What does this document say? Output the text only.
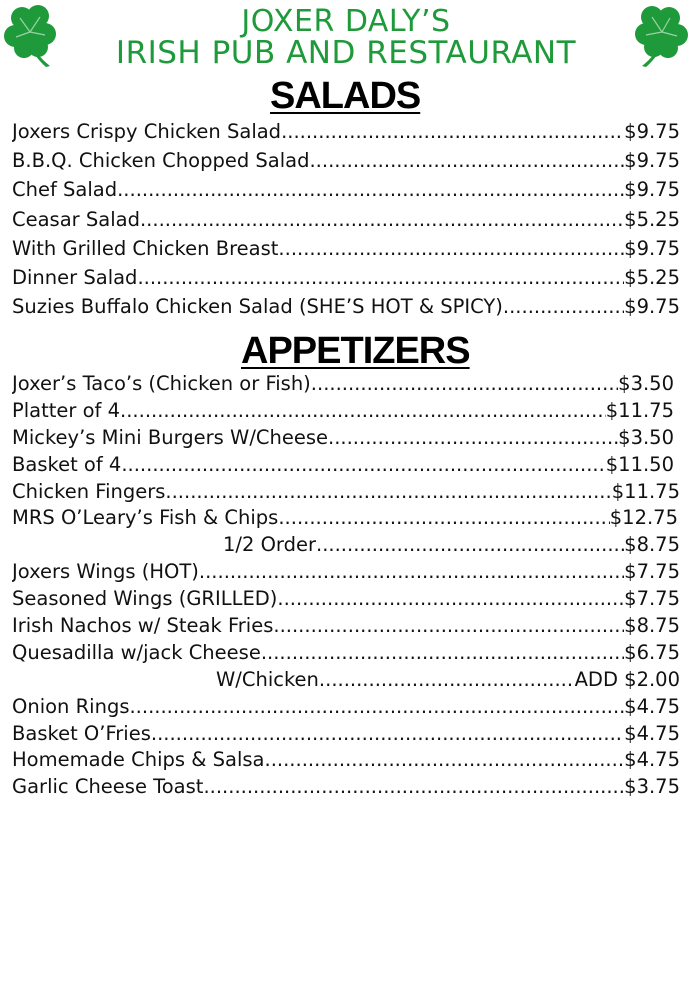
JOXER DALY’S
IRISH PUB AND RESTAURANT
SALADS
Joxers Crispy Chicken Salad .....	$9.75
B.B.Q. Chicken Chopped Salad .....	$9.75
Chef Salad .....	$9.75
Ceasar Salad .....	$5.25
With Grilled Chicken Breast .....	$9.75
Dinner Salad .....	$5.25
Suzies Buffalo Chicken Salad (SHE’S HOT & SPICY) .....	$9.75
APPETIZERS
Joxer’s Taco’s (Chicken or Fish) .....	$3.50
Platter of 4 .....	$11.75
Mickey’s Mini Burgers W/Cheese .....	$3.50
Basket of 4 .....	$11.50
Chicken Fingers .....	$11.75
MRS O’Leary’s Fish & Chips .....	$12.75
1/2 Order .....	$8.75
Joxers Wings (HOT) .....	$7.75
Seasoned Wings (GRILLED) .....	$7.75
Irish Nachos w/ Steak Fries .....	$8.75
Quesadilla w/jack Cheese .....	$6.75
W/Chicken .....	ADD $2.00
Onion Rings .....	$4.75
Basket O’Fries .....	$4.75
Homemade Chips & Salsa .....	$4.75
Garlic Cheese Toast .....	$3.75
